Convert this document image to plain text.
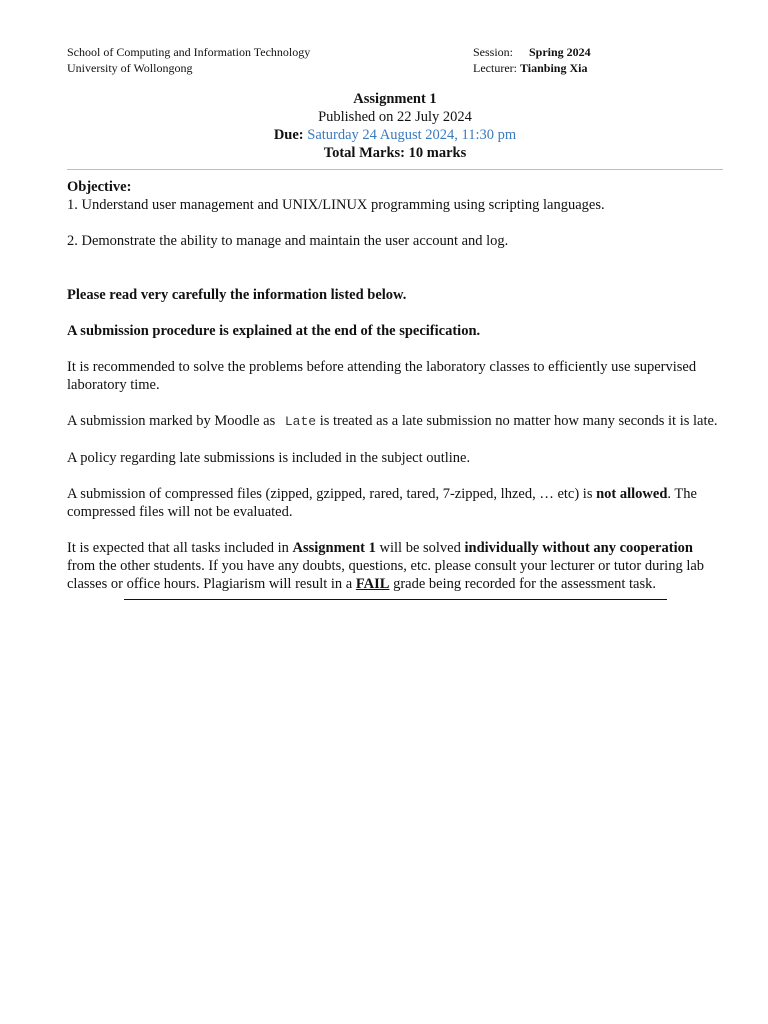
School of Computing and Information Technology
University of Wollongong
Session: Spring 2024
Lecturer: Tianbing Xia
Assignment 1
Published on 22 July 2024
Due: Saturday 24 August 2024, 11:30 pm
Total Marks: 10 marks
Objective:

1. Understand user management and UNIX/LINUX programming using scripting languages.

2. Demonstrate the ability to manage and maintain the user account and log.

Please read very carefully the information listed below.

A submission procedure is explained at the end of the specification.

It is recommended to solve the problems before attending the laboratory classes to efficiently use supervised laboratory time.

A submission marked by Moodle as Late is treated as a late submission no matter how many seconds it is late.

A policy regarding late submissions is included in the subject outline.

A submission of compressed files (zipped, gzipped, rared, tared, 7-zipped, lhzed, … etc) is not allowed. The compressed files will not be evaluated.

It is expected that all tasks included in Assignment 1 will be solved individually without any cooperation from the other students. If you have any doubts, questions, etc. please consult your lecturer or tutor during lab classes or office hours. Plagiarism will result in a FAIL grade being recorded for the assessment task.
